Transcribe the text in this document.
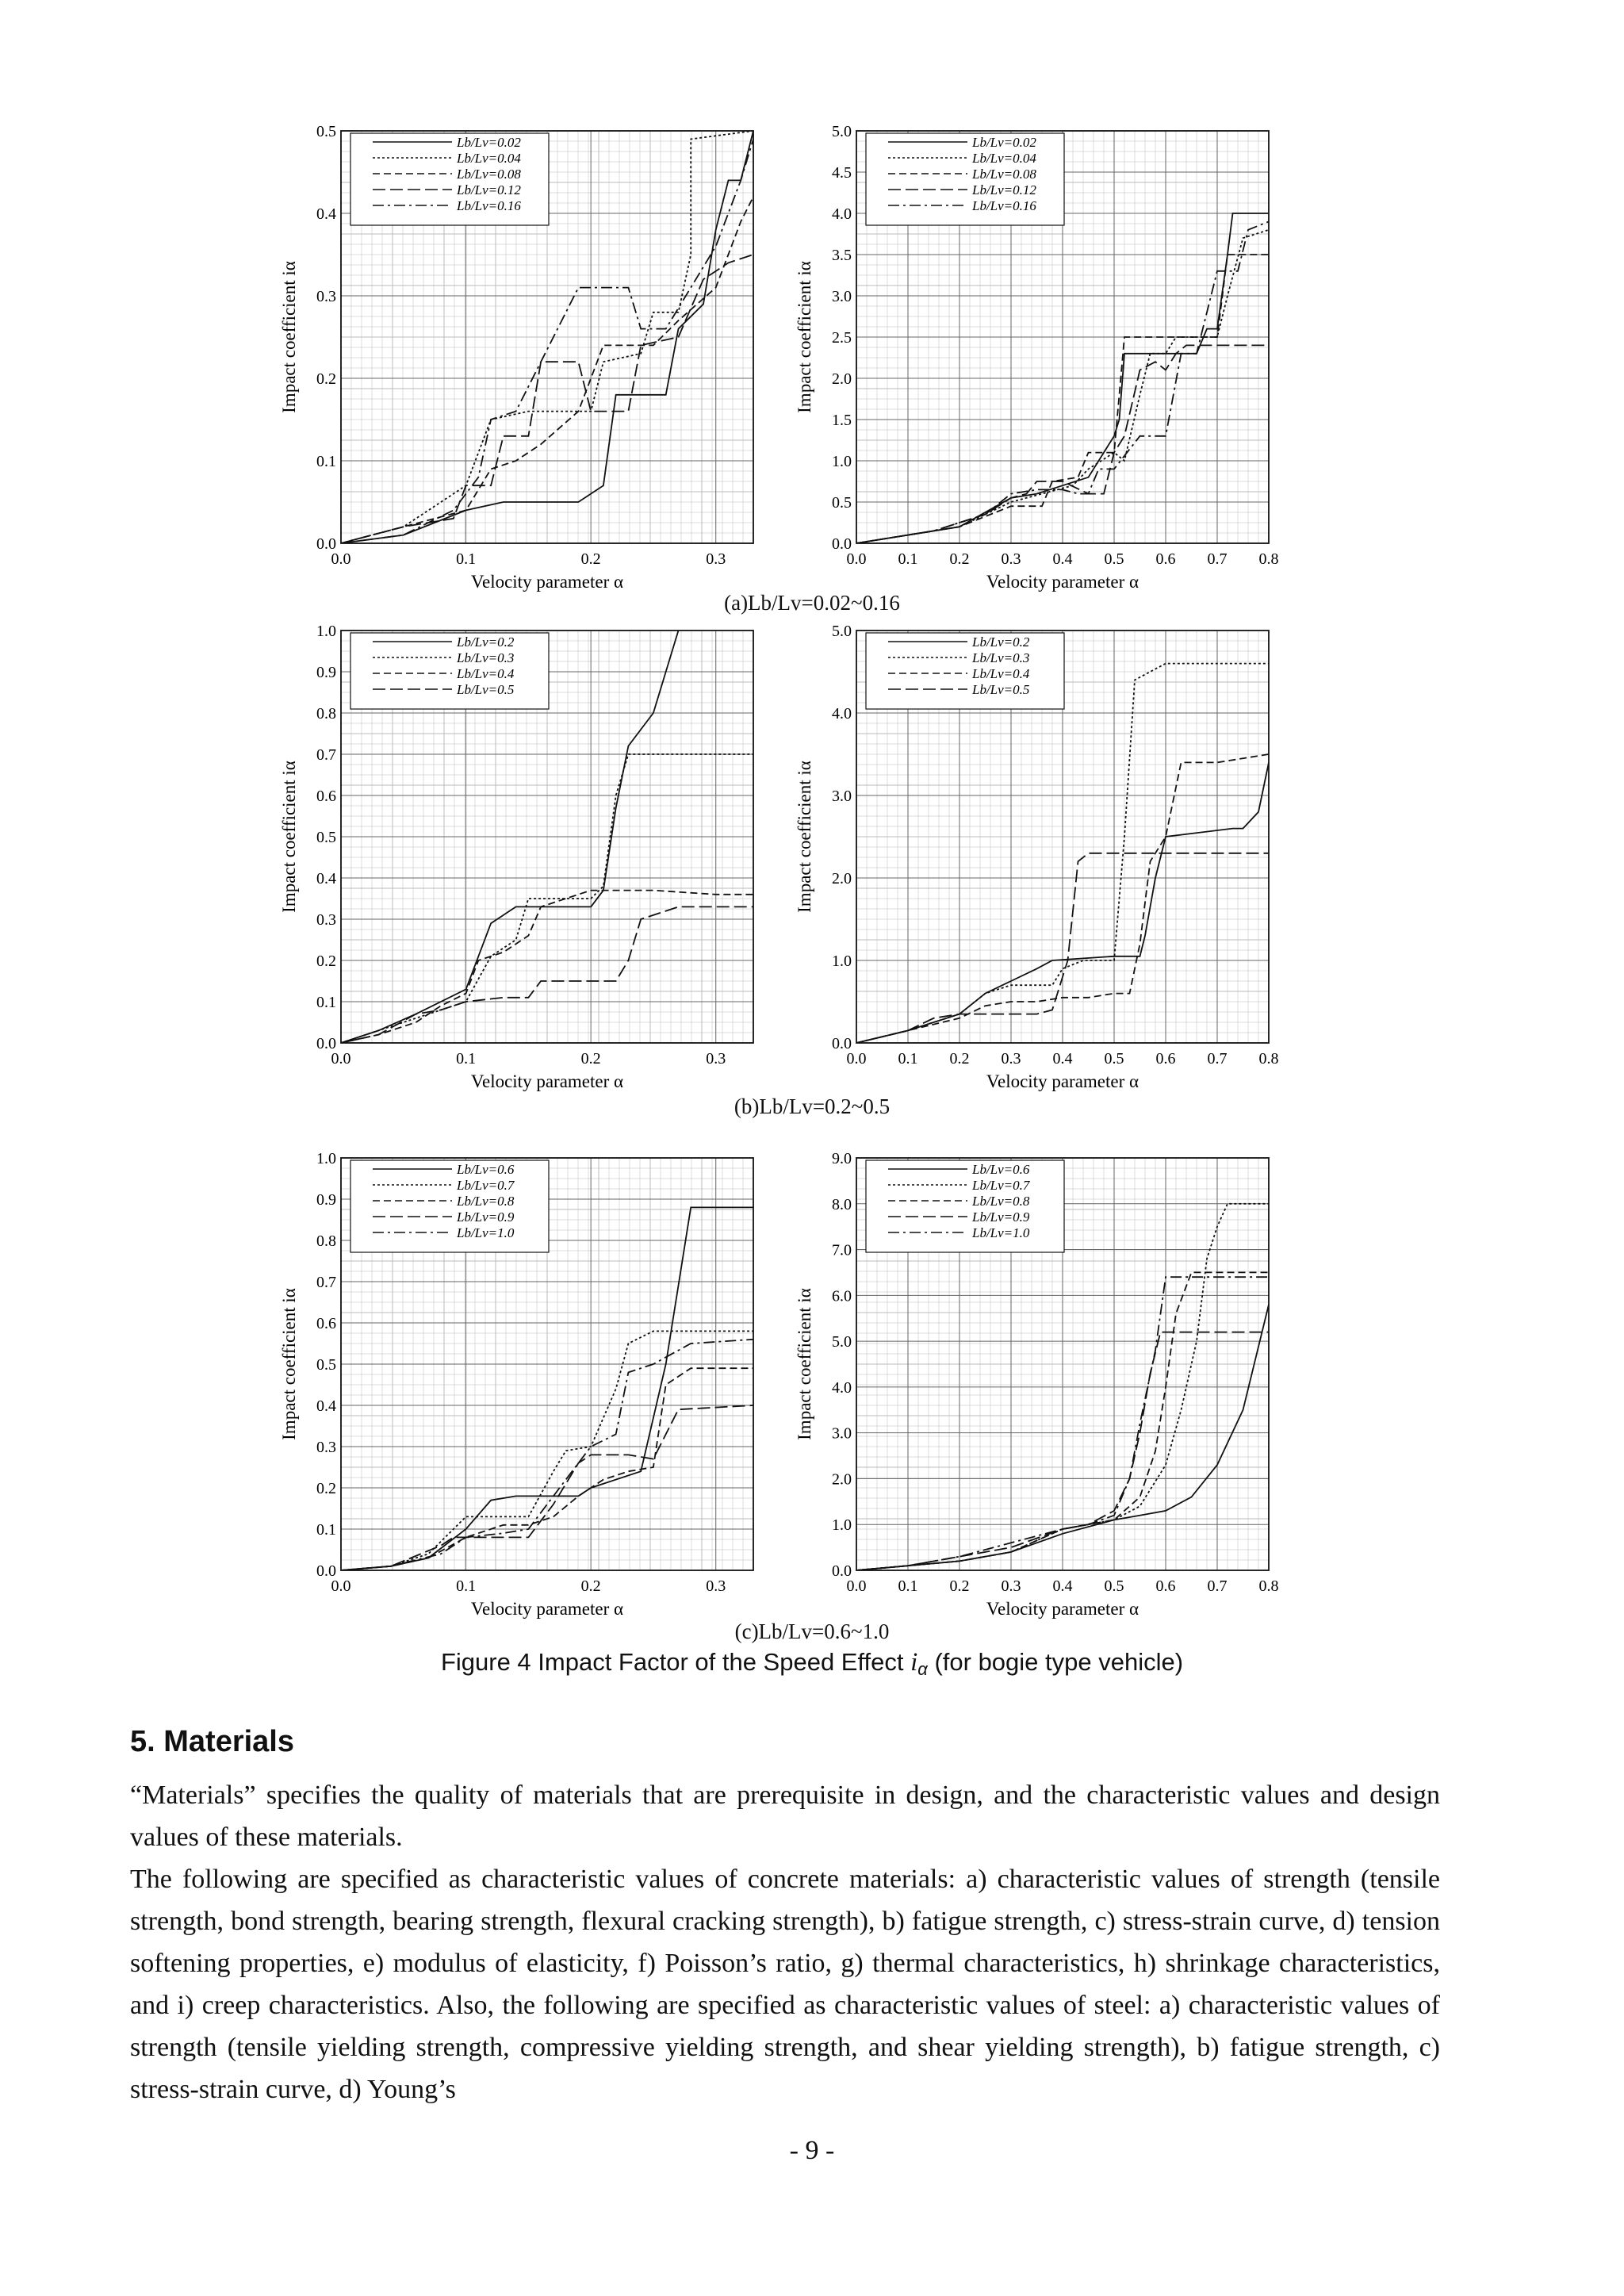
0.0	0.1	0.2	0.3
0.0
0.1
0.2
0.3
0.4
0.5
Velocity parameter α
Impact coefficient iα
Lb/Lv=0.02
Lb/Lv=0.04
Lb/Lv=0.08
Lb/Lv=0.12
Lb/Lv=0.16
0.0 0.1 0.2 0.3 0.4 0.5 0.6 0.7 0.8
0.0
0.5
1.0
1.5
2.0
2.5
3.0
3.5
4.0
4.5
5.0
Velocity parameter α
Impact coefficient iα
Lb/Lv=0.02
Lb/Lv=0.04
Lb/Lv=0.08
Lb/Lv=0.12
Lb/Lv=0.16
(a)Lb/Lv=0.02~0.16
0.0	0.1	0.2	0.3
0.0
0.1
0.2
0.3
0.4
0.5
0.6
0.7
0.8
0.9
1.0
Velocity parameter α
Impact coefficient iα
Lb/Lv=0.2
Lb/Lv=0.3
Lb/Lv=0.4
Lb/Lv=0.5
0.0 0.1 0.2 0.3 0.4 0.5 0.6 0.7 0.8
0.0
1.0
2.0
3.0
4.0
5.0
Velocity parameter α
Impact coefficient iα
Lb/Lv=0.2
Lb/Lv=0.3
Lb/Lv=0.4
Lb/Lv=0.5
(b)Lb/Lv=0.2~0.5
0.0	0.1	0.2	0.3
0.0
0.1
0.2
0.3
0.4
0.5
0.6
0.7
0.8
0.9
1.0
Velocity parameter α
Impact coefficient iα
Lb/Lv=0.6
Lb/Lv=0.7
Lb/Lv=0.8
Lb/Lv=0.9
Lb/Lv=1.0
0.0 0.1 0.2 0.3 0.4 0.5 0.6 0.7 0.8
0.0
1.0
2.0
3.0
4.0
5.0
6.0
7.0
8.0
9.0
Velocity parameter α
Impact coefficient iα
Lb/Lv=0.6
Lb/Lv=0.7
Lb/Lv=0.8
Lb/Lv=0.9
Lb/Lv=1.0
(c)Lb/Lv=0.6~1.0
Figure 4 Impact Factor of the Speed Effect $i_\alpha$ (for bogie type vehicle)
5. Materials
“Materials” specifies the quality of materials that are prerequisite in design, and the characteristic values and design values of these materials.
The following are specified as characteristic values of concrete materials: a) characteristic values of strength (tensile strength, bond strength, bearing strength, flexural cracking strength), b) fatigue strength, c) stress-strain curve, d) tension softening properties, e) modulus of elasticity, f) Poisson’s ratio, g) thermal characteristics, h) shrinkage characteristics, and i) creep characteristics. Also, the following are specified as characteristic values of steel: a) characteristic values of strength (tensile yielding strength, compressive yielding strength, and shear yielding strength), b) fatigue strength, c) stress-strain curve, d) Young’s
- 9 -
